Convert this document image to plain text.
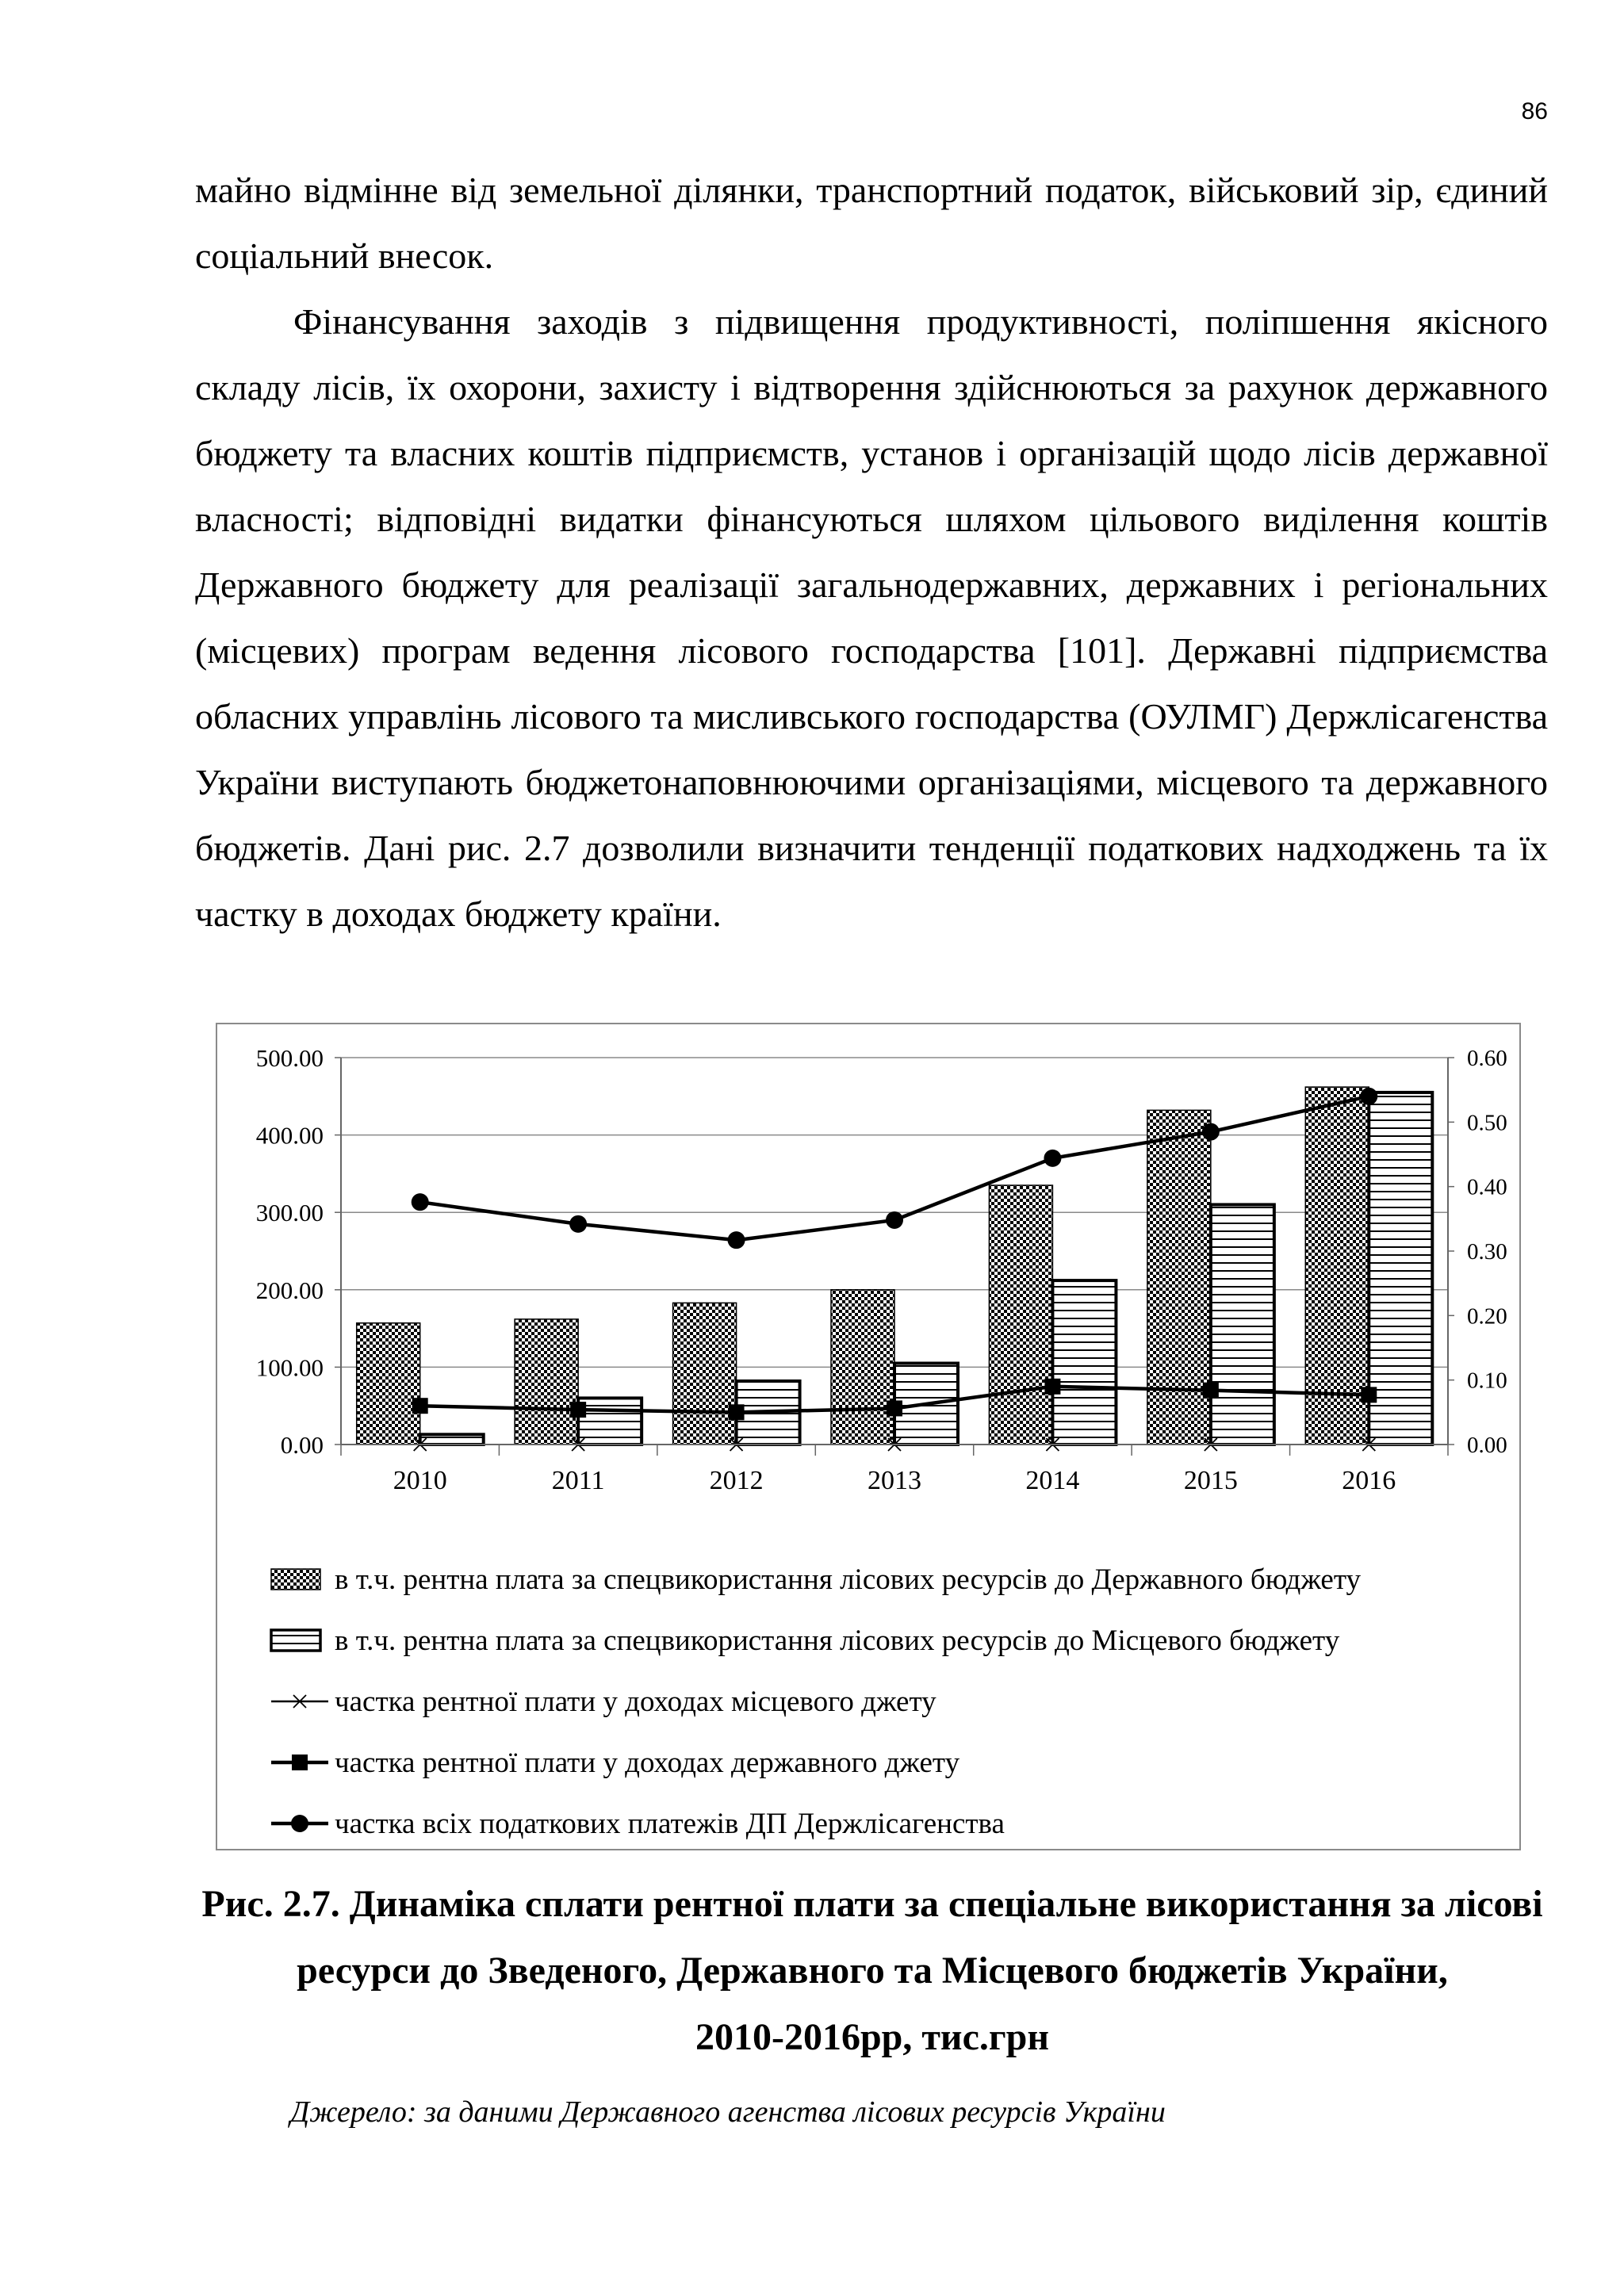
86

майно відмінне від земельної ділянки, транспортний податок, військовий зір, єдиний соціальний внесок.

Фінансування заходів з підвищення продуктивності, поліпшення якісного складу лісів, їх охорони, захисту і відтворення здійснюються за рахунок державного бюджету та власних коштів підприємств, установ і організацій щодо лісів державної власності; відповідні видатки фінансуються шляхом цільового виділення коштів Державного бюджету для реалізації загальнодержавних, державних і регіональних (місцевих) програм ведення лісового господарства [101]. Державні підприємства обласних управлінь лісового та мисливського господарства (ОУЛМГ) Держлісагенства України виступають бюджетонаповнюючими організаціями, місцевого та державного бюджетів. Дані рис. 2.7 дозволили визначити тенденції податкових надходжень та їх частку в доходах бюджету країни.

0.00
100.00
200.00
300.00
400.00
500.00
0.00
0.10
0.20
0.30
0.40
0.50
0.60
2010	2011	2012	2013	2014	2015	2016
в т.ч. рентна плата за спецвикористання лісових ресурсів до Державного бюджету
в т.ч. рентна плата за спецвикористання лісових ресурсів до Місцевого бюджету
частка рентної плати у доходах місцевого джету
частка рентної плати у доходах державного джету
частка всіх податкових платежів ДП Держлісагенства
Рис. 2.7. Динаміка сплати рентної плати за спеціальне використання за лісові
ресурси до Зведеного, Державного та Місцевого бюджетів України,
2010-2016рр, тис.грн
Джерело: за даними Державного агенства лісових ресурсів України
